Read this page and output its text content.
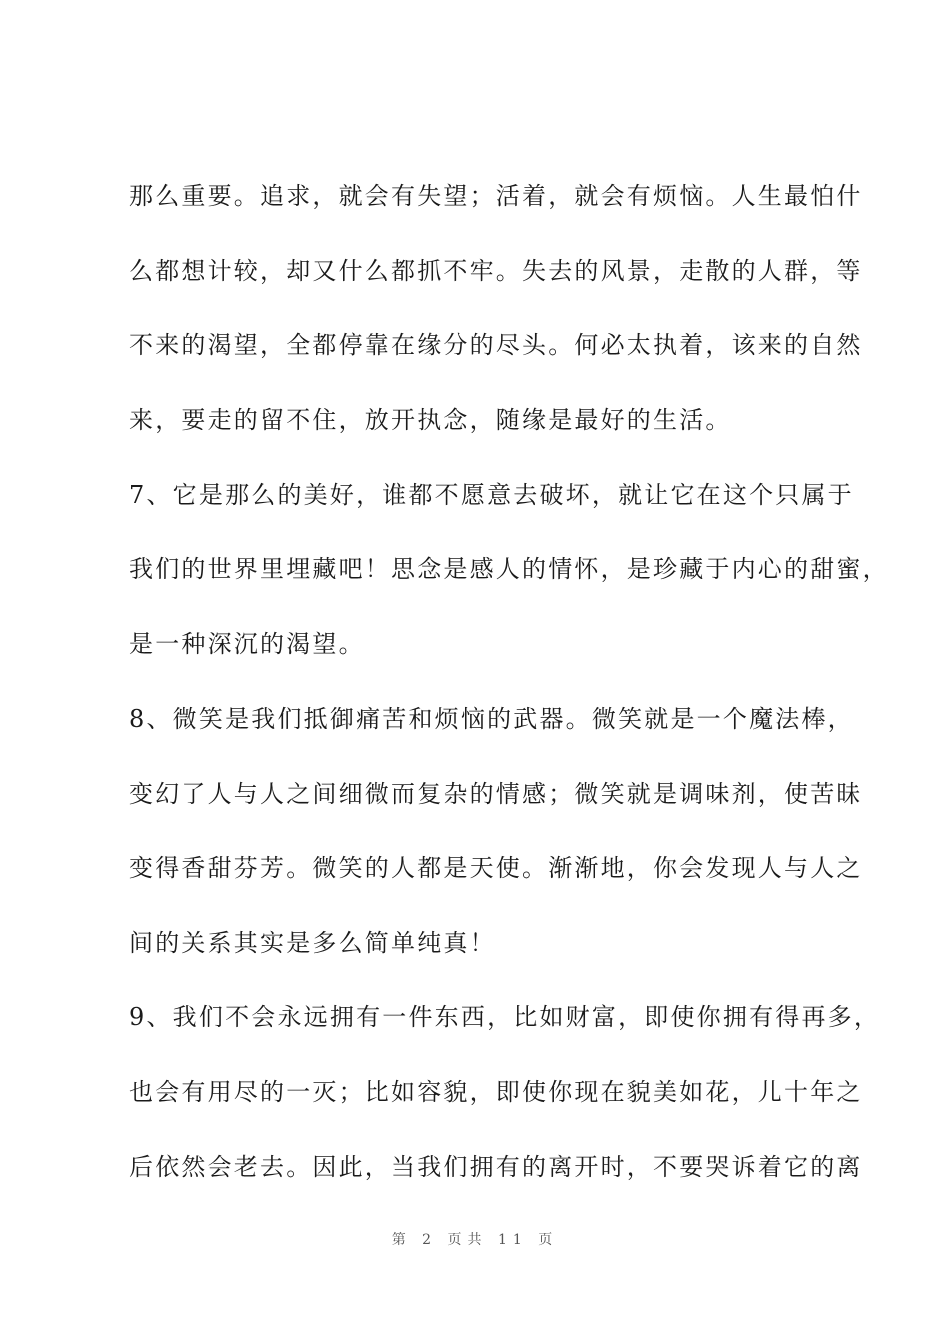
那么重要。追求，就会有失望；活着，就会有烦恼。人生最怕什
么都想计较，却又什么都抓不牢。失去的风景，走散的人群，等
不来的渴望，全都停靠在缘分的尽头。何必太执着，该来的自然
来，要走的留不住，放开执念，随缘是最好的生活。
7、它是那么的美好，谁都不愿意去破坏，就让它在这个只属于
我们的世界里埋藏吧！思念是感人的情怀，是珍藏于内心的甜蜜，
是一种深沉的渴望。
8、微笑是我们抵御痛苦和烦恼的武器。微笑就是一个魔法棒，
变幻了人与人之间细微而复杂的情感；微笑就是调味剂，使苦昧
变得香甜芬芳。微笑的人都是天使。渐渐地，你会发现人与人之
间的关系其实是多么简单纯真！
9、我们不会永远拥有一件东西，比如财富，即使你拥有得再多，
也会有用尽的一灭；比如容貌，即使你现在貌美如花，儿十年之
后依然会老去。因此，当我们拥有的离开时，不要哭诉着它的离
第 2 页共 11 页
